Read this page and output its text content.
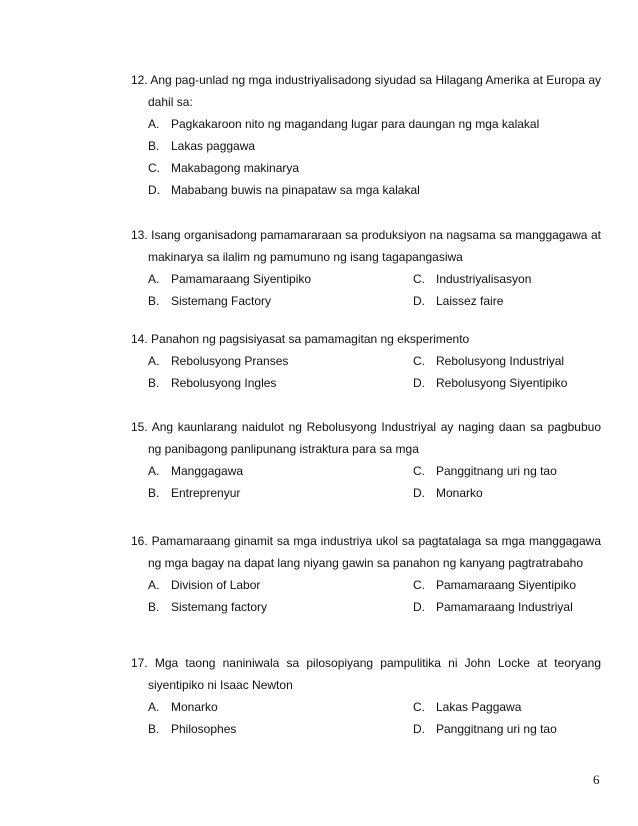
12. Ang pag-unlad ng mga industriyalisadong siyudad sa Hilagang Amerika at Europa ay dahil sa:
A. Pagkakaroon nito ng magandang lugar para daungan ng mga kalakal
B. Lakas paggawa
C. Makabagong makinarya
D. Mababang buwis na pinapataw sa mga kalakal
13. Isang organisadong pamamararaan sa produksiyon na nagsama sa manggagawa at makinarya sa ilalim ng pamumuno ng isang tagapangasiwa
A. Pamamaraang Siyentipiko	C. Industriyalisasyon
B. Sistemang Factory	D. Laissez faire
14. Panahon ng pagsisiyasat sa pamamagitan ng eksperimento
A. Rebolusyong Pranses	C. Rebolusyong Industriyal
B. Rebolusyong Ingles	D. Rebolusyong Siyentipiko
15. Ang kaunlarang naidulot ng Rebolusyong Industriyal ay naging daan sa pagbubuo ng panibagong panlipunang istraktura para sa mga
A. Manggagawa	C. Panggitnang uri ng tao
B. Entreprenyur	D. Monarko
16. Pamamaraang ginamit sa mga industriya ukol sa pagtatalaga sa mga manggagawa ng mga bagay na dapat lang niyang gawin sa panahon ng kanyang pagtratrabaho
A. Division of Labor	C. Pamamaraang Siyentipiko
B. Sistemang factory	D. Pamamaraang Industriyal
17. Mga taong naniniwala sa pilosopiyang pampulitika ni John Locke at teoryang siyentipiko ni Isaac Newton
A. Monarko	C. Lakas Paggawa
B. Philosophes	D. Panggitnang uri ng tao
6
